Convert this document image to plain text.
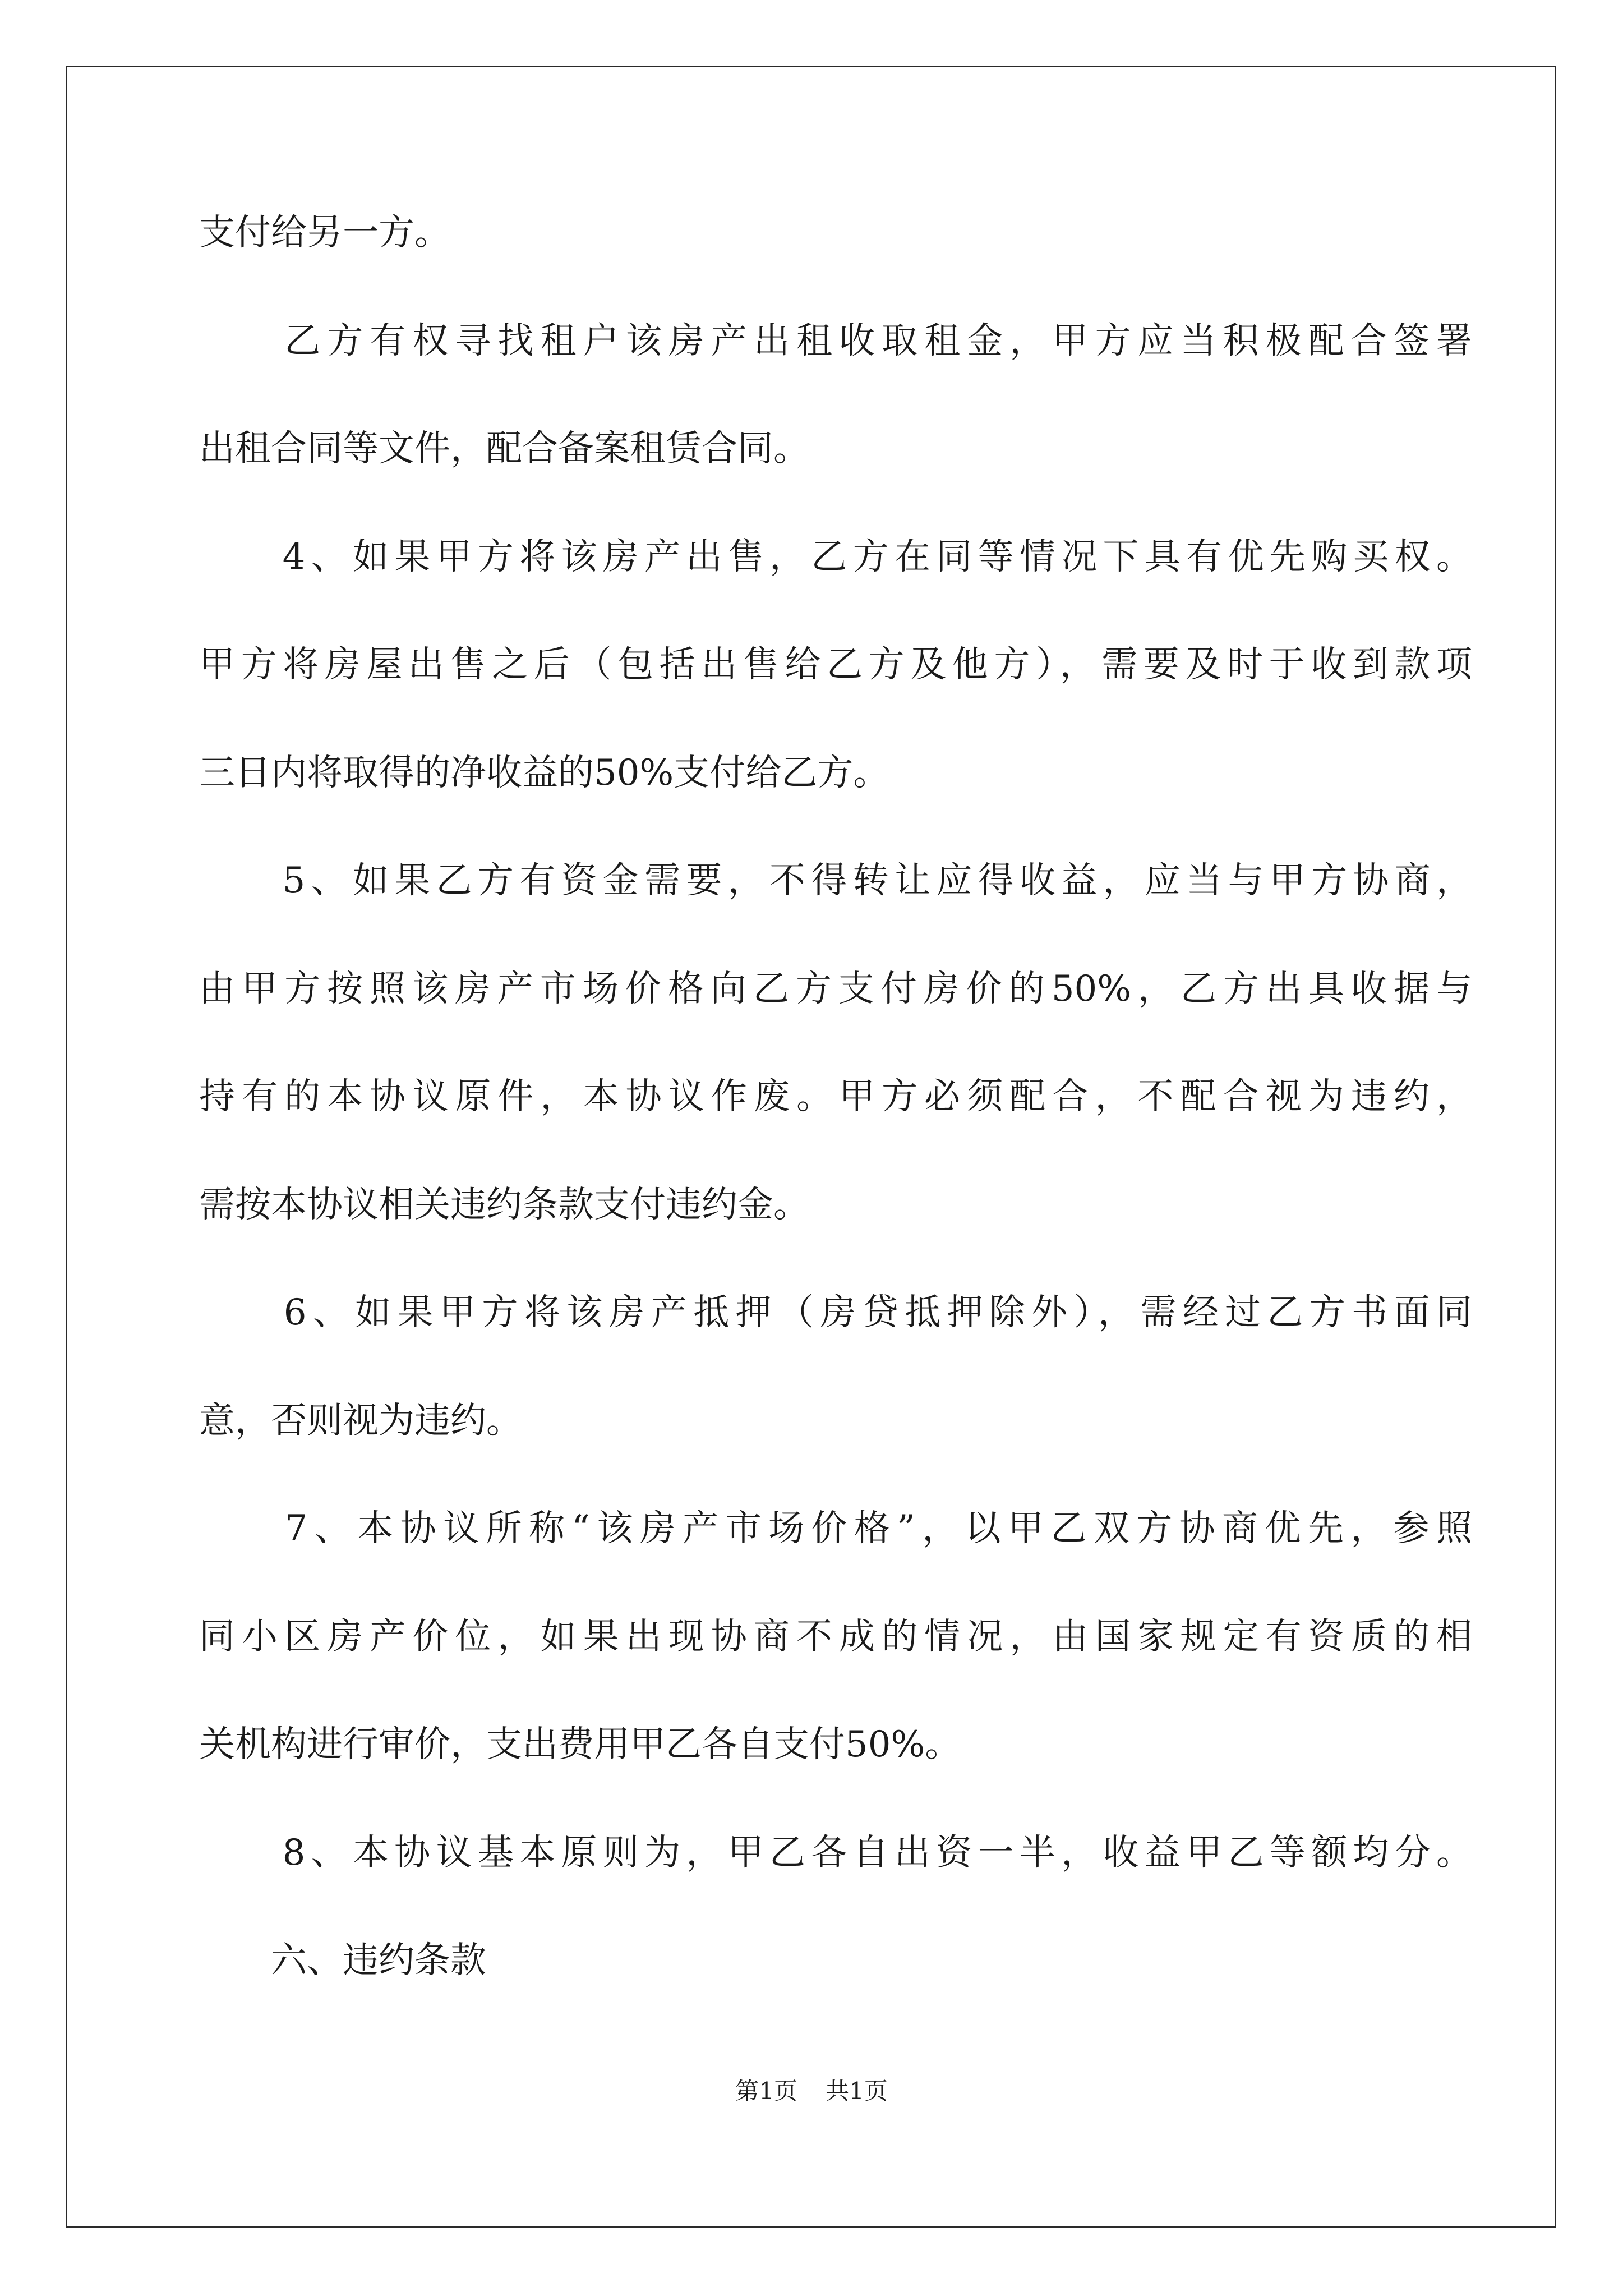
支付给另一方。
　　乙方有权寻找租户该房产出租收取租金，甲方应当积极配合签署
出租合同等文件，配合备案租赁合同。
　　4、如果甲方将该房产出售，乙方在同等情况下具有优先购买权。
甲方将房屋出售之后（包括出售给乙方及他方），需要及时于收到款项
三日内将取得的净收益的50%支付给乙方。
　　5、如果乙方有资金需要，不得转让应得收益，应当与甲方协商，
由甲方按照该房产市场价格向乙方支付房价的50%，乙方出具收据与
持有的本协议原件，本协议作废。甲方必须配合，不配合视为违约，
需按本协议相关违约条款支付违约金。
　　6、如果甲方将该房产抵押（房贷抵押除外），需经过乙方书面同
意，否则视为违约。
　　7、本协议所称“该房产市场价格”，以甲乙双方协商优先，参照
同小区房产价位，如果出现协商不成的情况，由国家规定有资质的相
关机构进行审价，支出费用甲乙各自支付50%。
　　8、本协议基本原则为，甲乙各自出资一半，收益甲乙等额均分。
　　六、违约条款
第1页 共1页
